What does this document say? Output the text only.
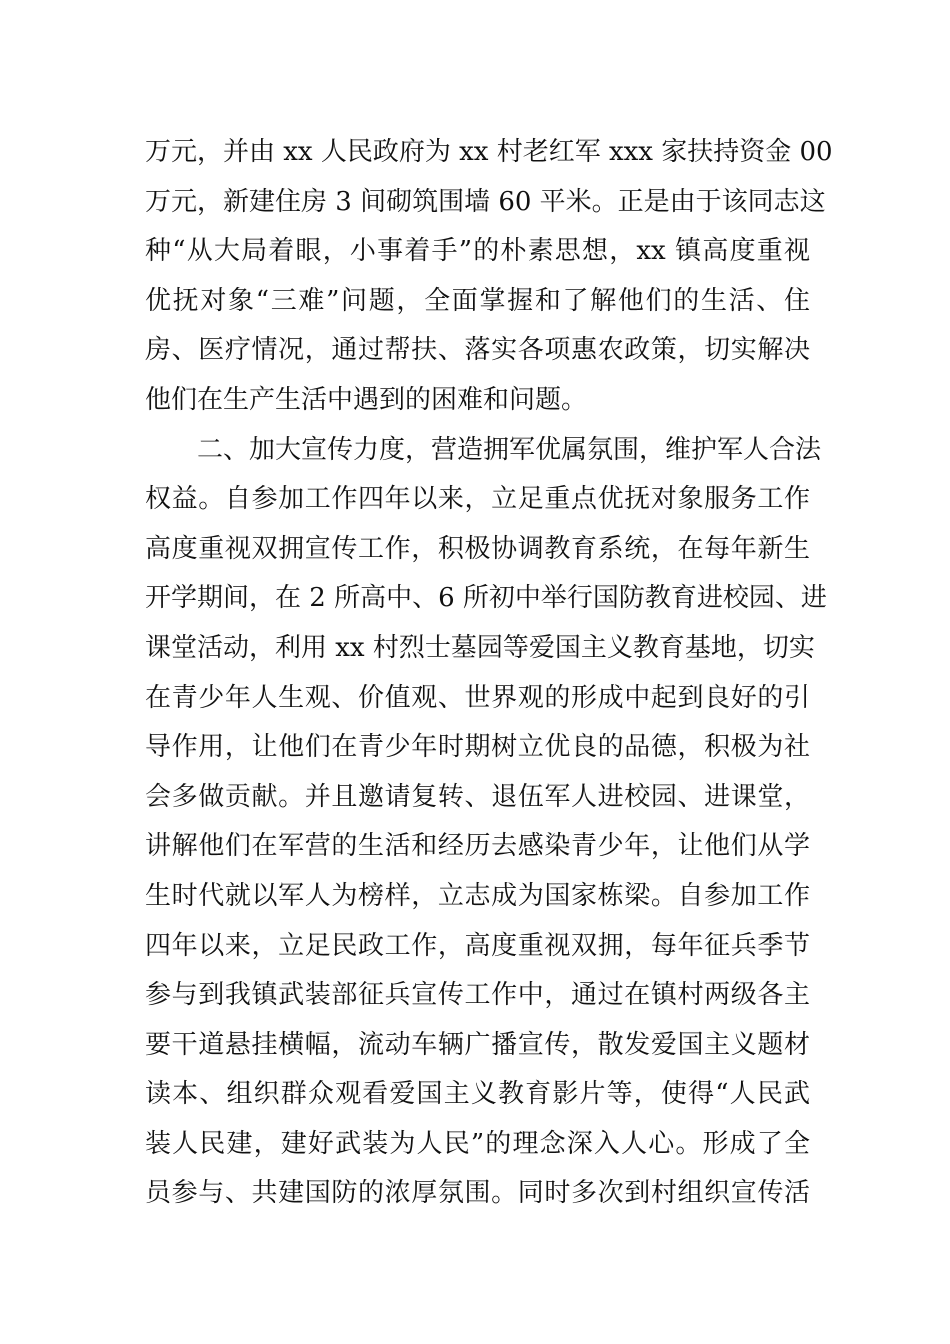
万元，并由 xx 人民政府为 xx 村老红军 xxx 家扶持资金 00
万元，新建住房 3 间砌筑围墙 60 平米。正是由于该同志这
种“从大局着眼，小事着手”的朴素思想，xx 镇高度重视
优抚对象“三难”问题，全面掌握和了解他们的生活、住
房、医疗情况，通过帮扶、落实各项惠农政策，切实解决
他们在生产生活中遇到的困难和问题。
　　二、加大宣传力度，营造拥军优属氛围，维护军人合法
权益。自参加工作四年以来，立足重点优抚对象服务工作
高度重视双拥宣传工作，积极协调教育系统，在每年新生
开学期间，在 2 所高中、6 所初中举行国防教育进校园、进
课堂活动，利用 xx 村烈士墓园等爱国主义教育基地，切实
在青少年人生观、价值观、世界观的形成中起到良好的引
导作用，让他们在青少年时期树立优良的品德，积极为社
会多做贡献。并且邀请复转、退伍军人进校园、进课堂，
讲解他们在军营的生活和经历去感染青少年，让他们从学
生时代就以军人为榜样，立志成为国家栋梁。自参加工作
四年以来，立足民政工作，高度重视双拥，每年征兵季节
参与到我镇武装部征兵宣传工作中，通过在镇村两级各主
要干道悬挂横幅，流动车辆广播宣传，散发爱国主义题材
读本、组织群众观看爱国主义教育影片等，使得“人民武
装人民建，建好武装为人民”的理念深入人心。形成了全
员参与、共建国防的浓厚氛围。同时多次到村组织宣传活
